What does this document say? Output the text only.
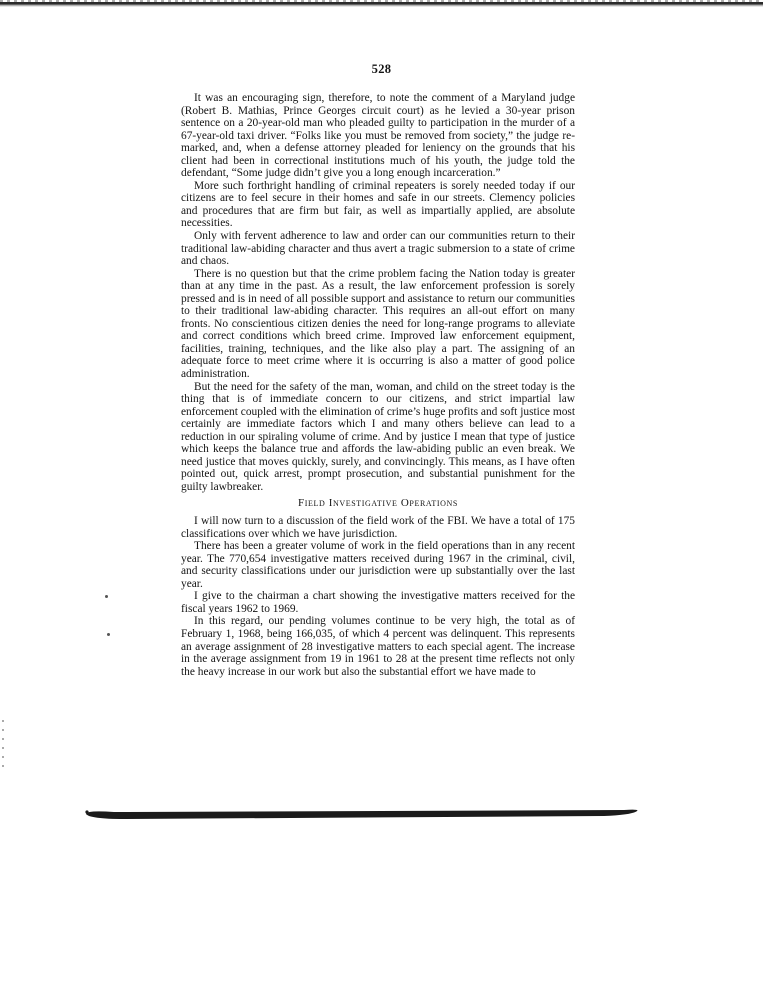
528

It was an encouraging sign, therefore, to note the comment of a Maryland judge (Robert B. Mathias, Prince Georges circuit court) as he levied a 30-year prison sentence on a 20-year-old man who pleaded guilty to participation in the murder of a 67-year-old taxi driver. “Folks like you must be removed from society,” the judge remarked, and, when a defense attorney pleaded for leniency on the grounds that his client had been in correctional institutions much of his youth, the judge told the defendant, “Some judge didn’t give you a long enough incarceration.”

More such forthright handling of criminal repeaters is sorely needed today if our citizens are to feel secure in their homes and safe in our streets. Clemency policies and procedures that are firm but fair, as well as impartially applied, are absolute necessities.

Only with fervent adherence to law and order can our communities return to their traditional law-abiding character and thus avert a tragic submersion to a state of crime and chaos.

There is no question but that the crime problem facing the Nation today is greater than at any time in the past. As a result, the law enforcement profession is sorely pressed and is in need of all possible support and assistance to return our communities to their traditional law-abiding character. This requires an all-out effort on many fronts. No conscientious citizen denies the need for long-range programs to alleviate and correct conditions which breed crime. Improved law enforcement equipment, facilities, training, techniques, and the like also play a part. The assigning of an adequate force to meet crime where it is occurring is also a matter of good police administration.

But the need for the safety of the man, woman, and child on the street today is the thing that is of immediate concern to our citizens, and strict impartial law enforcement coupled with the elimination of crime’s huge profits and soft justice most certainly are immediate factors which I and many others believe can lead to a reduction in our spiraling volume of crime. And by justice I mean that type of justice which keeps the balance true and affords the law-abiding public an even break. We need justice that moves quickly, surely, and convincingly. This means, as I have often pointed out, quick arrest, prompt prosecution, and substantial punishment for the guilty lawbreaker.

Field Investigative Operations

I will now turn to a discussion of the field work of the FBI. We have a total of 175 classifications over which we have jurisdiction.

There has been a greater volume of work in the field operations than in any recent year. The 770,654 investigative matters received during 1967 in the criminal, civil, and security classifications under our jurisdiction were up substantially over the last year.

I give to the chairman a chart showing the investigative matters received for the fiscal years 1962 to 1969.

In this regard, our pending volumes continue to be very high, the total as of February 1, 1968, being 166,035, of which 4 percent was delinquent. This represents an average assignment of 28 investigative matters to each special agent. The increase in the average assignment from 19 in 1961 to 28 at the present time reflects not only the heavy increase in our work but also the substantial effort we have made to
